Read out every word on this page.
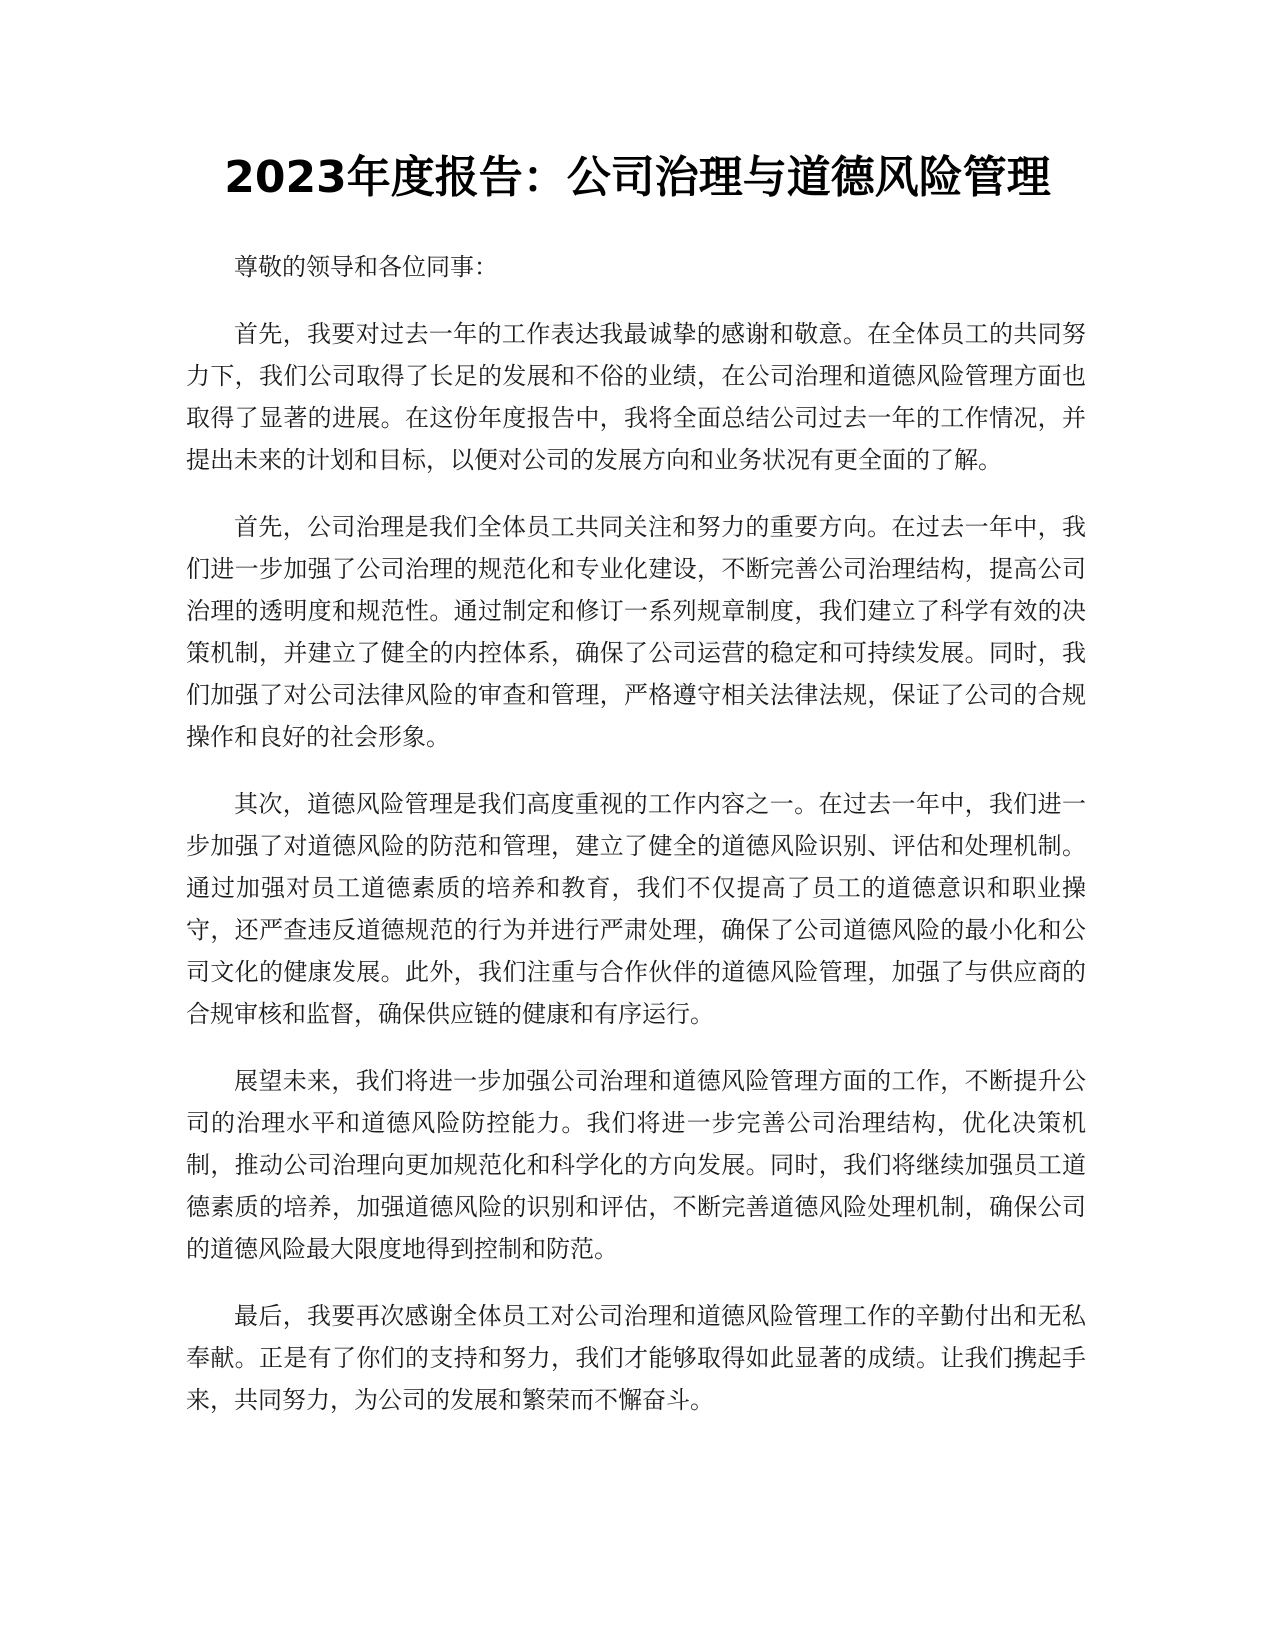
2023年度报告：公司治理与道德风险管理

尊敬的领导和各位同事：

首先，我要对过去一年的工作表达我最诚挚的感谢和敬意。在全体员工的共同努力下，我们公司取得了长足的发展和不俗的业绩，在公司治理和道德风险管理方面也取得了显著的进展。在这份年度报告中，我将全面总结公司过去一年的工作情况，并提出未来的计划和目标，以便对公司的发展方向和业务状况有更全面的了解。

首先，公司治理是我们全体员工共同关注和努力的重要方向。在过去一年中，我们进一步加强了公司治理的规范化和专业化建设，不断完善公司治理结构，提高公司治理的透明度和规范性。通过制定和修订一系列规章制度，我们建立了科学有效的决策机制，并建立了健全的内控体系，确保了公司运营的稳定和可持续发展。同时，我们加强了对公司法律风险的审查和管理，严格遵守相关法律法规，保证了公司的合规操作和良好的社会形象。

其次，道德风险管理是我们高度重视的工作内容之一。在过去一年中，我们进一步加强了对道德风险的防范和管理，建立了健全的道德风险识别、评估和处理机制。通过加强对员工道德素质的培养和教育，我们不仅提高了员工的道德意识和职业操守，还严查违反道德规范的行为并进行严肃处理，确保了公司道德风险的最小化和公司文化的健康发展。此外，我们注重与合作伙伴的道德风险管理，加强了与供应商的合规审核和监督，确保供应链的健康和有序运行。

展望未来，我们将进一步加强公司治理和道德风险管理方面的工作，不断提升公司的治理水平和道德风险防控能力。我们将进一步完善公司治理结构，优化决策机制，推动公司治理向更加规范化和科学化的方向发展。同时，我们将继续加强员工道德素质的培养，加强道德风险的识别和评估，不断完善道德风险处理机制，确保公司的道德风险最大限度地得到控制和防范。

最后，我要再次感谢全体员工对公司治理和道德风险管理工作的辛勤付出和无私奉献。正是有了你们的支持和努力，我们才能够取得如此显著的成绩。让我们携起手来，共同努力，为公司的发展和繁荣而不懈奋斗。
